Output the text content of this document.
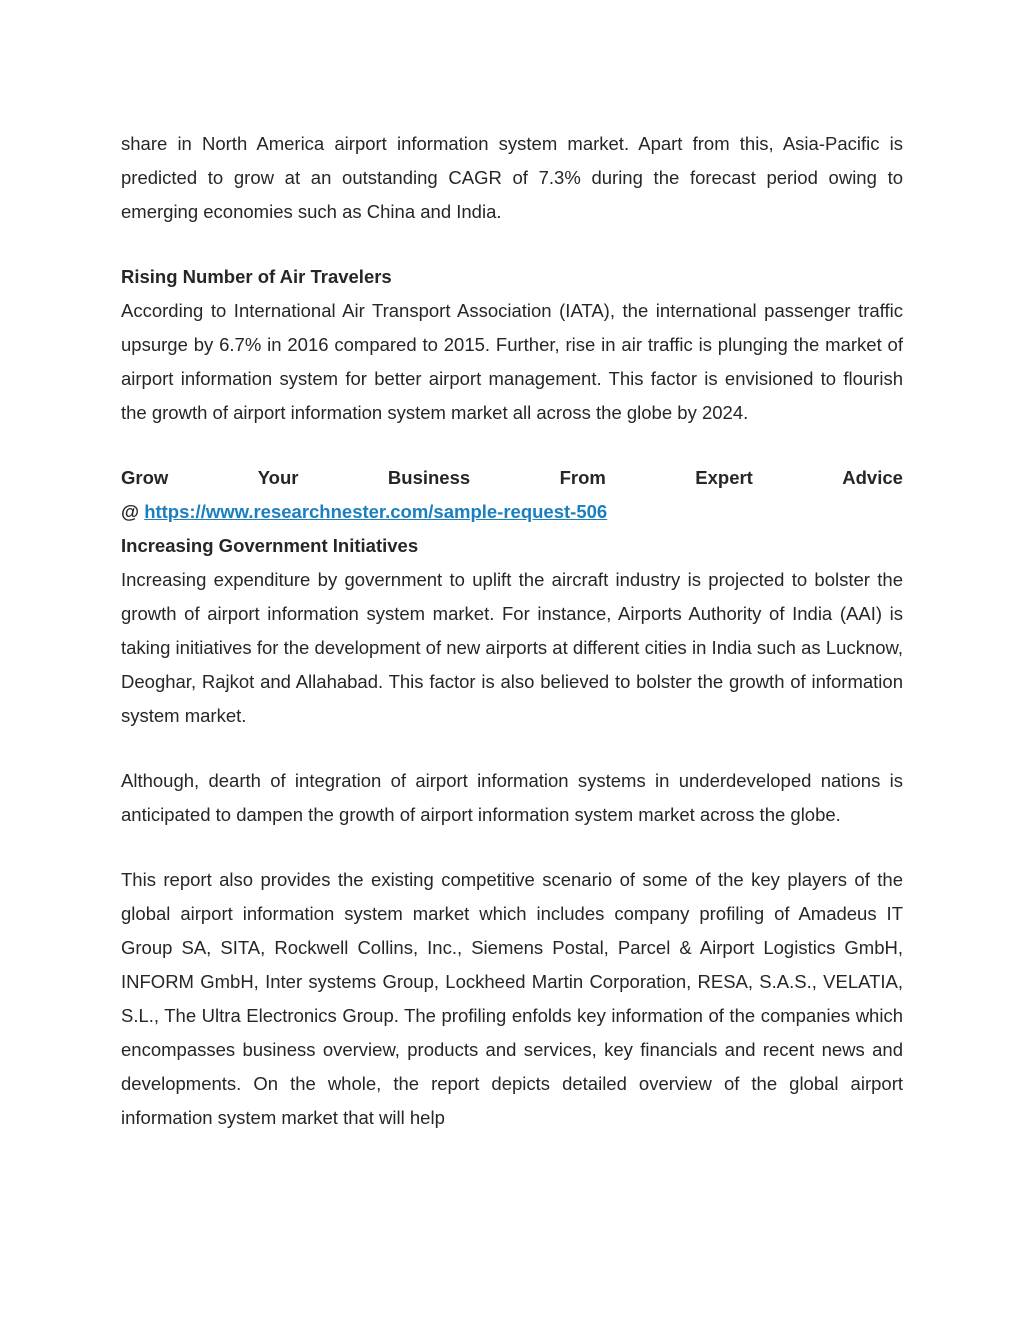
share in North America airport information system market. Apart from this, Asia-Pacific is predicted to grow at an outstanding CAGR of 7.3% during the forecast period owing to emerging economies such as China and India.

Rising Number of Air Travelers

According to International Air Transport Association (IATA), the international passenger traffic upsurge by 6.7% in 2016 compared to 2015. Further, rise in air traffic is plunging the market of airport information system for better airport management. This factor is envisioned to flourish the growth of airport information system market all across the globe by 2024.

Grow	Your	Business	From	Expert	Advice

@ https://www.researchnester.com/sample-request-506

Increasing Government Initiatives

Increasing expenditure by government to uplift the aircraft industry is projected to bolster the growth of airport information system market. For instance, Airports Authority of India (AAI) is taking initiatives for the development of new airports at different cities in India such as Lucknow, Deoghar, Rajkot and Allahabad. This factor is also believed to bolster the growth of information system market.

Although, dearth of integration of airport information systems in underdeveloped nations is anticipated to dampen the growth of airport information system market across the globe.

This report also provides the existing competitive scenario of some of the key players of the global airport information system market which includes company profiling of Amadeus IT Group SA, SITA, Rockwell Collins, Inc., Siemens Postal, Parcel & Airport Logistics GmbH, INFORM GmbH, Inter systems Group, Lockheed Martin Corporation, RESA, S.A.S., VELATIA, S.L., The Ultra Electronics Group. The profiling enfolds key information of the companies which encompasses business overview, products and services, key financials and recent news and developments. On the whole, the report depicts detailed overview of the global airport information system market that will help
